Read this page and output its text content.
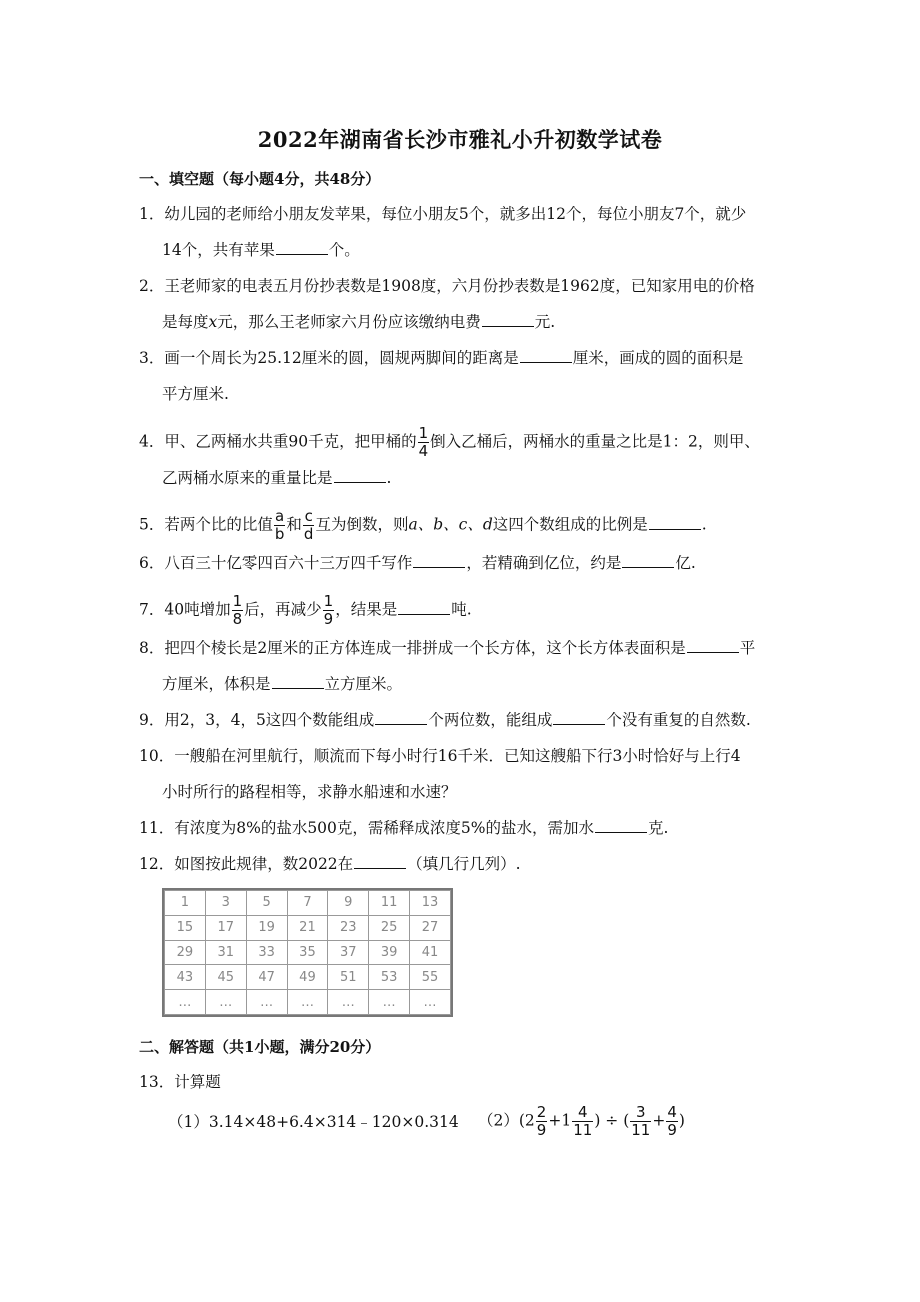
2022年湖南省长沙市雅礼小升初数学试卷
一、填空题（每小题4分，共48分）
1．幼儿园的老师给小朋友发苹果，每位小朋友5个，就多出12个，每位小朋友7个，就少
14个，共有苹果	个。
2．王老师家的电表五月份抄表数是1908度，六月份抄表数是1962度，已知家用电的价格
是每度x元，那么王老师家六月份应该缴纳电费	元.
3．画一个周长为25.12厘米的圆，圆规两脚间的距离是	厘米，画成的圆的面积是
平方厘米.
4．甲、乙两桶水共重90千克，把甲桶的 $\frac{1}{4}$ 倒入乙桶后，两桶水的重量之比是1：2，则甲、
乙两桶水原来的重量比是	.
5．若两个比的比值 $\frac{a}{b}$ 和 $\frac{c}{d}$ 互为倒数，则a、b、c、d这四个数组成的比例是	.
6．八百三十亿零四百六十三万四千写作	，若精确到亿位，约是	亿.
7．40吨增加 $\frac{1}{8}$ 后，再减少 $\frac{1}{9}$ ，结果是	吨.
8．把四个棱长是2厘米的正方体连成一排拼成一个长方体，这个长方体表面积是	平
方厘米，体积是	立方厘米。
9．用2，3，4，5这四个数能组成	个两位数，能组成	个没有重复的自然数.
10．一艘船在河里航行，顺流而下每小时行16千米．已知这艘船下行3小时恰好与上行4
小时所行的路程相等，求静水船速和水速？
11．有浓度为8%的盐水500克，需稀释成浓度5%的盐水，需加水	克.
12．如图按此规律，数2022在	（填几行几列）.
1	3	5	7	9	11	13
15	17	19	21	23	25	27
29	31	33	35	37	39	41
43	45	47	49	51	53	55
…	…	…	…	…	…	…
二、解答题（共1小题，满分20分）
13．计算题
（1）3.14×48+6.4×314﹣120×0.314 $(2)(2 \frac{2}{9} +1 \frac{4}{11}$ ) ÷ ( $\frac{3}{11} + \frac{4}{9}$ )
